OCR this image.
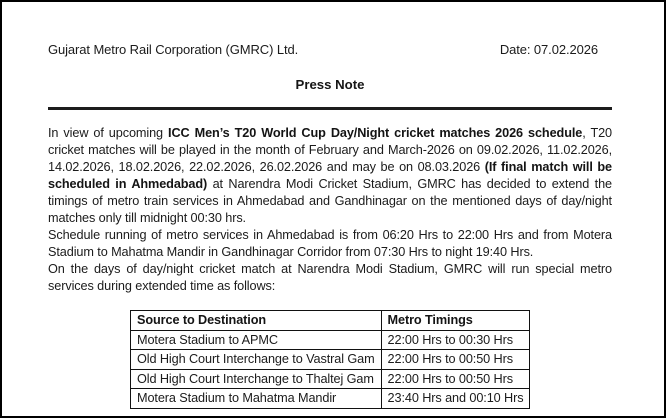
Gujarat Metro Rail Corporation (GMRC) Ltd.	Date: 07.02.2026
Press Note

In view of upcoming ICC Men’s T20 World Cup Day/Night cricket matches 2026 schedule, T20 cricket matches will be played in the month of February and March-2026 on 09.02.2026, 11.02.2026, 14.02.2026, 18.02.2026, 22.02.2026, 26.02.2026 and may be on 08.03.2026 (If final match will be scheduled in Ahmedabad) at Narendra Modi Cricket Stadium, GMRC has decided to extend the timings of metro train services in Ahmedabad and Gandhinagar on the mentioned days of day/night matches only till midnight 00:30 hrs.

Schedule running of metro services in Ahmedabad is from 06:20 Hrs to 22:00 Hrs and from Motera Stadium to Mahatma Mandir in Gandhinagar Corridor from 07:30 Hrs to night 19:40 Hrs.

On the days of day/night cricket match at Narendra Modi Stadium, GMRC will run special metro services during extended time as follows:

Source to Destination	Metro Timings
Motera Stadium to APMC	22:00 Hrs to 00:30 Hrs
Old High Court Interchange to Vastral Gam	22:00 Hrs to 00:50 Hrs
Old High Court Interchange to Thaltej Gam	22:00 Hrs to 00:50 Hrs
Motera Stadium to Mahatma Mandir	23:40 Hrs and 00:10 Hrs
